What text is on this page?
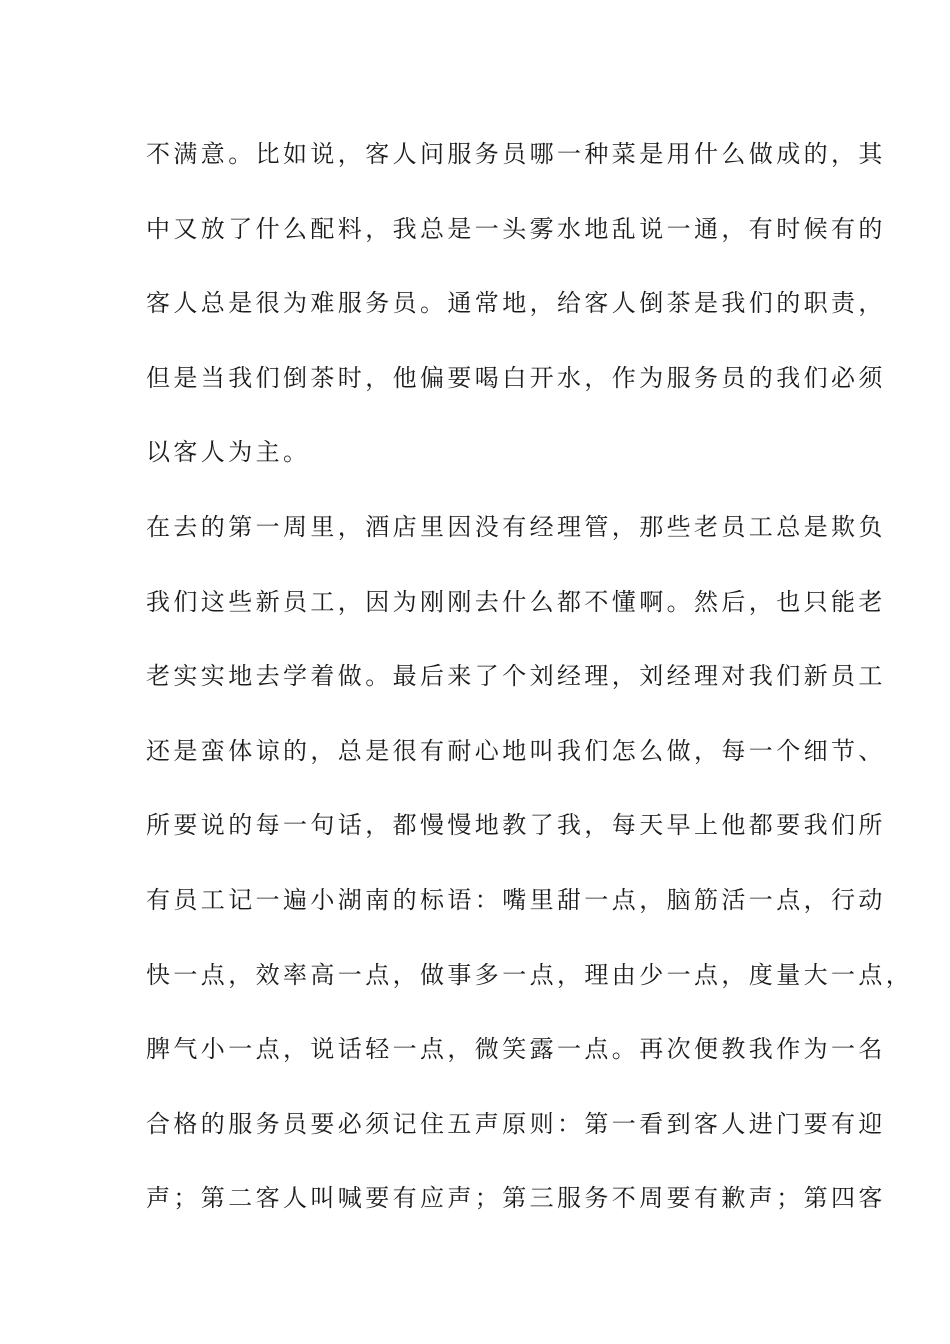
不满意。比如说，客人问服务员哪一种菜是用什么做成的，其
中又放了什么配料，我总是一头雾水地乱说一通，有时候有的
客人总是很为难服务员。通常地，给客人倒茶是我们的职责，
但是当我们倒茶时，他偏要喝白开水，作为服务员的我们必须
以客人为主。
在去的第一周里，酒店里因没有经理管，那些老员工总是欺负
我们这些新员工，因为刚刚去什么都不懂啊。然后，也只能老
老实实地去学着做。最后来了个刘经理，刘经理对我们新员工
还是蛮体谅的，总是很有耐心地叫我们怎么做，每一个细节、
所要说的每一句话，都慢慢地教了我，每天早上他都要我们所
有员工记一遍小湖南的标语：嘴里甜一点，脑筋活一点，行动
快一点，效率高一点，做事多一点，理由少一点，度量大一点，
脾气小一点，说话轻一点，微笑露一点。再次便教我作为一名
合格的服务员要必须记住五声原则：第一看到客人进门要有迎
声；第二客人叫喊要有应声；第三服务不周要有歉声；第四客
